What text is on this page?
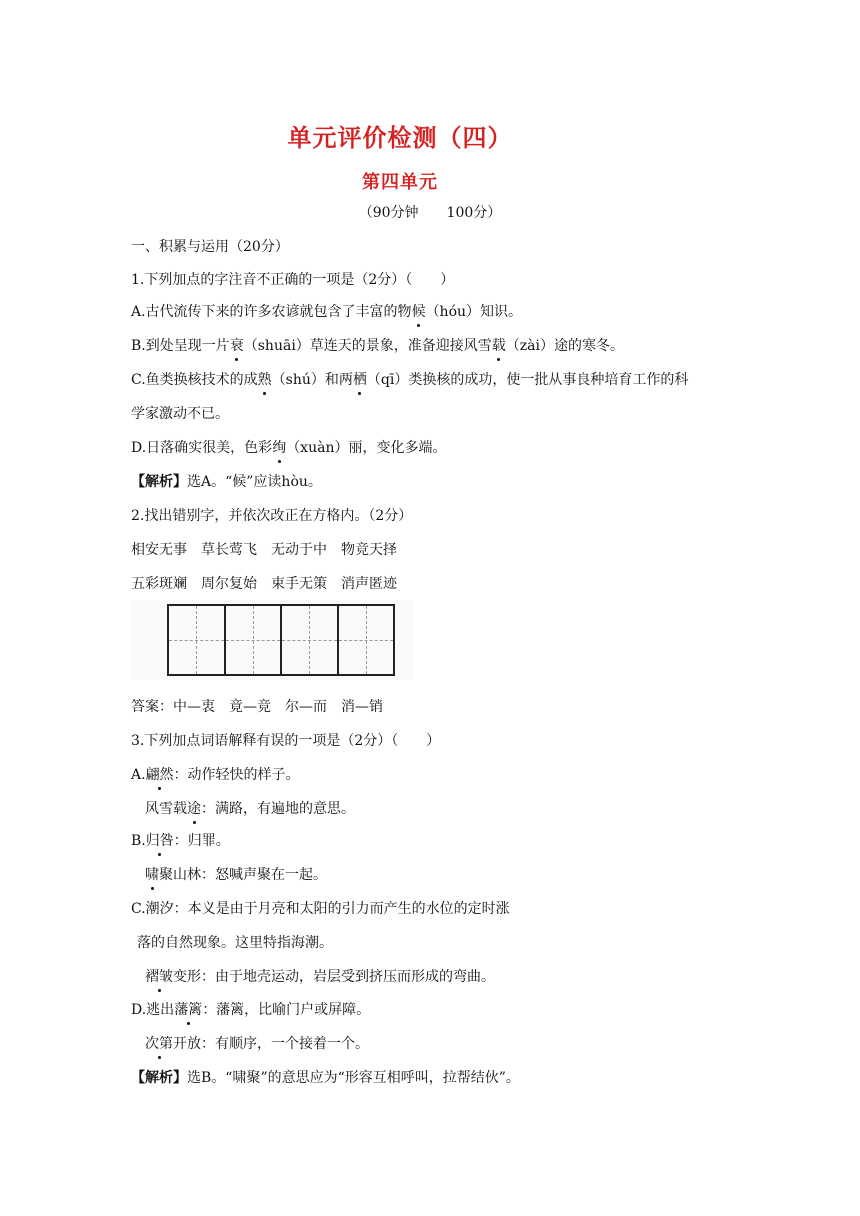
单元评价检测（四）
第四单元
（90分钟　　100分）
一、积累与运用（20分）
1.下列加点的字注音不正确的一项是（2分）（　　）
A.古代流传下来的许多农谚就包含了丰富的物候（hóu）知识。
B.到处呈现一片衰（shuāi）草连天的景象，准备迎接风雪载（zài）途的寒冬。
C.鱼类换核技术的成熟（shú）和两栖（qī）类换核的成功，使一批从事良种培育工作的科
学家激动不已。
D.日落确实很美，色彩绚（xuàn）丽，变化多端。
【解析】选A。“候”应读hòu。
2.找出错别字，并依次改正在方格内。（2分）
相安无事　草长莺飞　无动于中　物竞天择
五彩斑斓　周尔复始　束手无策　消声匿迹
答案：中—衷　竟—竞　尔—而　消—销
3.下列加点词语解释有误的一项是（2分）（　　）
A.翩然：动作轻快的样子。
风雪载途：满路，有遍地的意思。
B.归咎：归罪。
啸聚山林：怒喊声聚在一起。
C.潮汐：本义是由于月亮和太阳的引力而产生的水位的定时涨
落的自然现象。这里特指海潮。
褶皱变形：由于地壳运动，岩层受到挤压而形成的弯曲。
D.逃出藩篱：藩篱，比喻门户或屏障。
次第开放：有顺序，一个接着一个。
【解析】选B。“啸聚”的意思应为“形容互相呼叫，拉帮结伙”。
